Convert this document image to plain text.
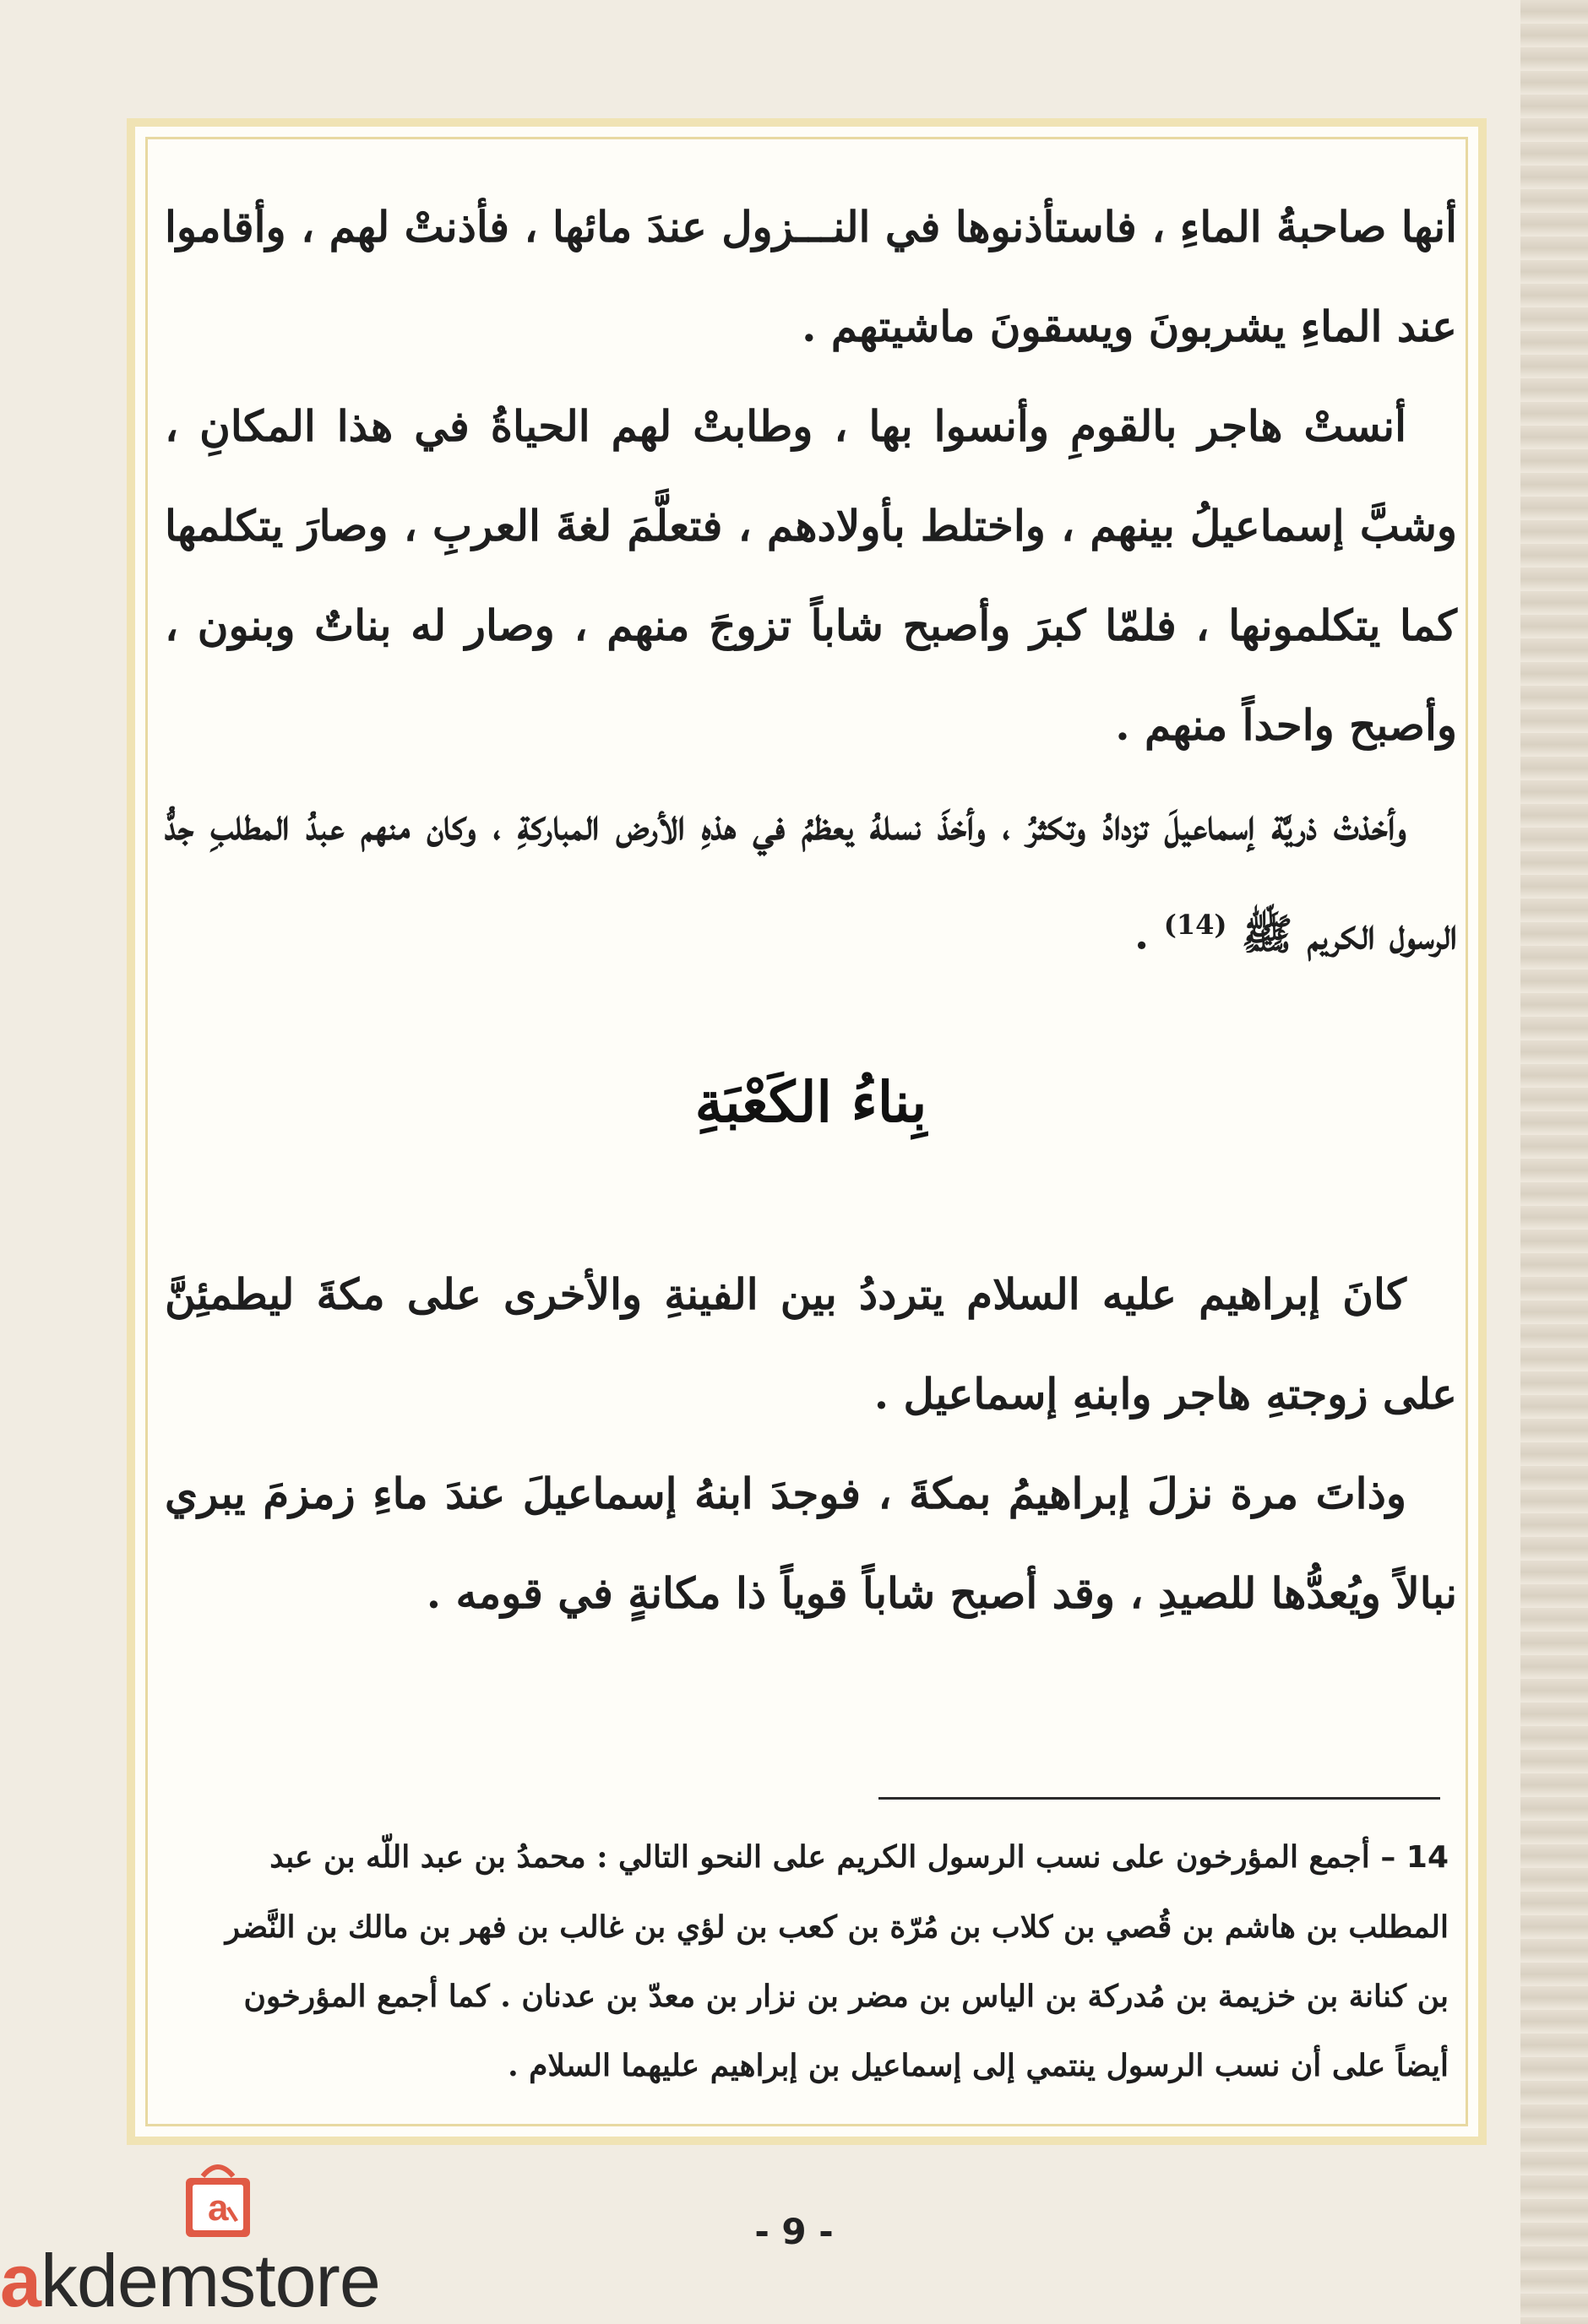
أنها صاحبةُ الماءِ ، فاستأذنوها في النـــزول عندَ مائها ، فأذنتْ لهم ، وأقاموا عند الماءِ يشربونَ ويسقونَ ماشيتهم .

أنستْ هاجر بالقومِ وأنسوا بها ، وطابتْ لهم الحياةُ في هذا المكانِ ، وشبَّ إسماعيلُ بينهم ، واختلط بأولادهم ، فتعلَّمَ لغةَ العربِ ، وصارَ يتكلمها كما يتكلمونها ، فلمّا كبرَ وأصبح شاباً تزوجَ منهم ، وصار له بناتٌ وبنون ، وأصبح واحداً منهم .

وأخذتْ ذريَّة إسماعيلَ تزدادُ وتكثرُ ، وأخذَ نسلهُ يعظمُ في هذهِ الأرض المباركةِ ، وكان منهم عبدُ المطلبِ جدُّ الرسول الكريم ﷺ $^{(14)}$ .

بِناءُ الكَعْبَةِ

كانَ إبراهيم عليه السلام يترددُ بين الفينةِ والأخرى على مكةَ ليطمئِنَّ على زوجتهِ هاجر وابنهِ إسماعيل .

وذاتَ مرة نزلَ إبراهيمُ بمكةَ ، فوجدَ ابنهُ إسماعيلَ عندَ ماءِ زمزمَ يبري نبالاً ويُعدُّها للصيدِ ، وقد أصبح شاباً قوياً ذا مكانةٍ في قومه .

14 – أجمع المؤرخون على نسب الرسول الكريم على النحو التالي : محمدُ بن عبد اللّه بن عبد المطلب بن هاشم بن قُصي بن كلاب بن مُرّة بن كعب بن لؤي بن غالب بن فهر بن مالك بن النَّضر بن كنانة بن خزيمة بن مُدركة بن الياس بن مضر بن نزار بن معدّ بن عدنان . كما أجمع المؤرخون أيضاً على أن نسب الرسول ينتمي إلى إسماعيل بن إبراهيم عليهما السلام .
- 9 -
a
akdemstore
